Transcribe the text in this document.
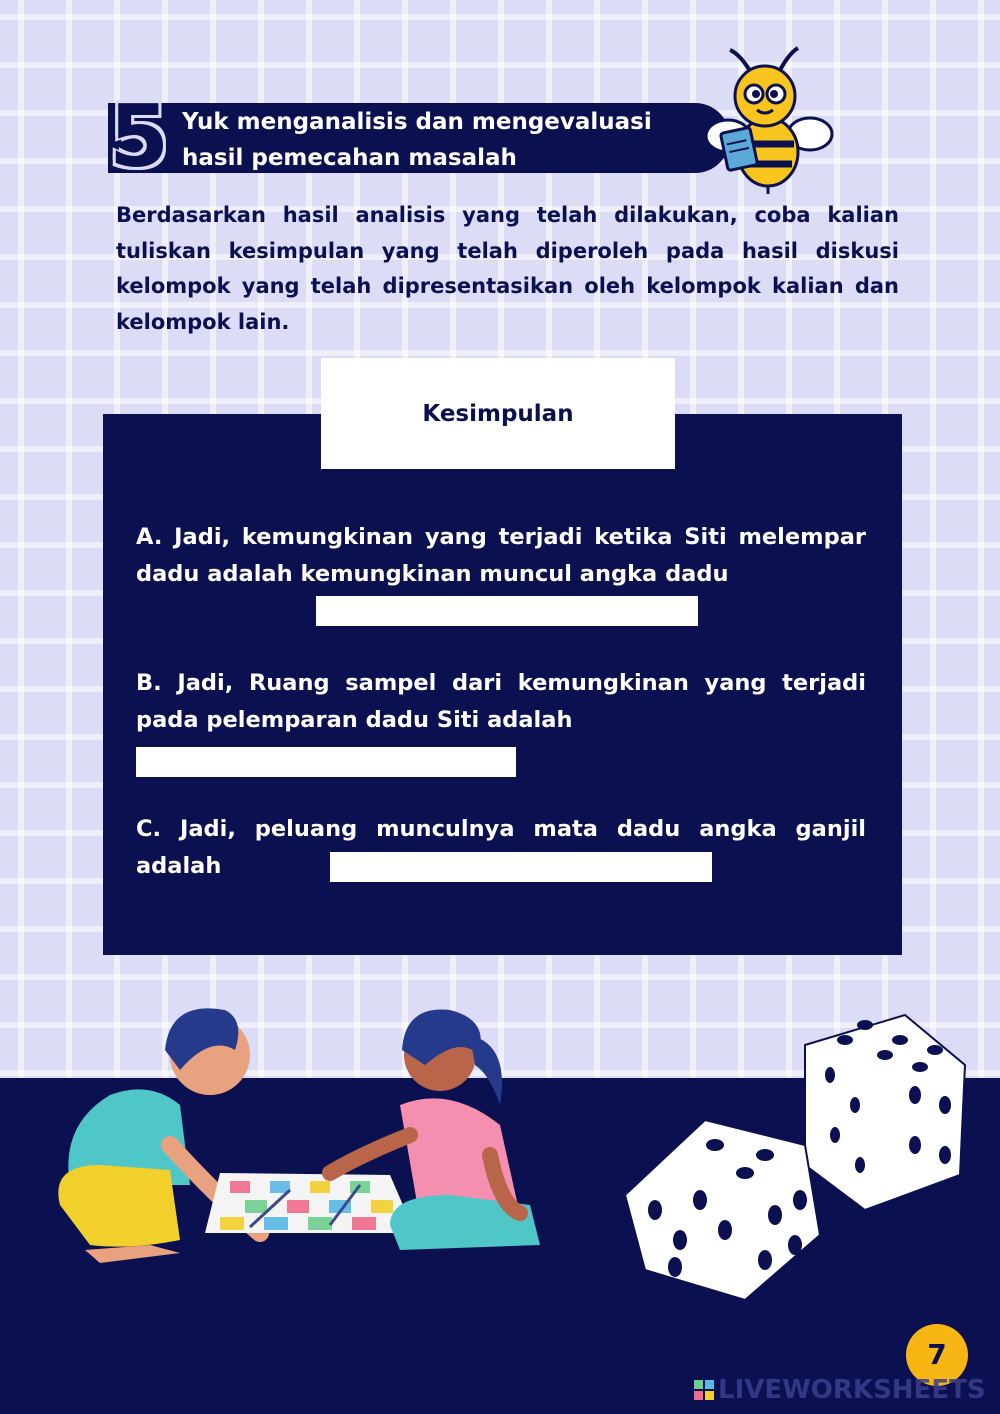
5 Yuk menganalisis dan mengevaluasi hasil pemecahan masalah
Berdasarkan hasil analisis yang telah dilakukan, coba kalian tuliskan kesimpulan yang telah diperoleh pada hasil diskusi kelompok yang telah dipresentasikan oleh kelompok kalian dan kelompok lain.
Kesimpulan
A. Jadi, kemungkinan yang terjadi ketika Siti melempar dadu adalah kemungkinan muncul angka dadu
B. Jadi, Ruang sampel dari kemungkinan yang terjadi pada pelemparan dadu Siti adalah
C. Jadi, peluang munculnya mata dadu angka ganjil adalah
7
LIVEWORKSHEETS
